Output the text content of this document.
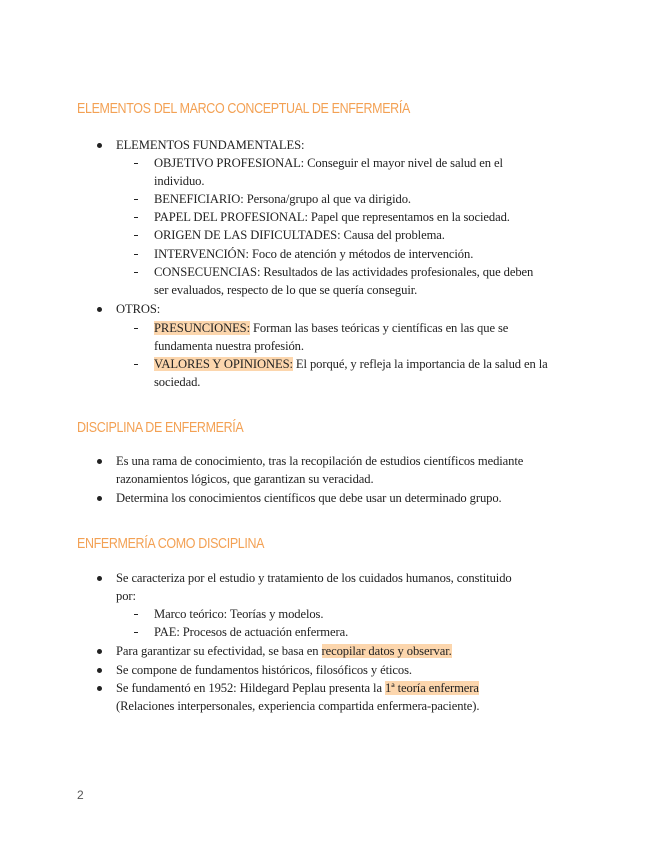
ELEMENTOS DEL MARCO CONCEPTUAL DE ENFERMERÍA

ELEMENTOS FUNDAMENTALES:

OBJETIVO PROFESIONAL: Conseguir el mayor nivel de salud en el

individuo.

BENEFICIARIO: Persona/grupo al que va dirigido.

PAPEL DEL PROFESIONAL: Papel que representamos en la sociedad.

ORIGEN DE LAS DIFICULTADES: Causa del problema.

INTERVENCIÓN: Foco de atención y métodos de intervención.

CONSECUENCIAS: Resultados de las actividades profesionales, que deben

ser evaluados, respecto de lo que se quería conseguir.

OTROS:

PRESUNCIONES: Forman las bases teóricas y científicas en las que se

fundamenta nuestra profesión.

VALORES Y OPINIONES: El porqué, y refleja la importancia de la salud en la

sociedad.

DISCIPLINA DE ENFERMERÍA

Es una rama de conocimiento, tras la recopilación de estudios científicos mediante

razonamientos lógicos, que garantizan su veracidad.

Determina los conocimientos científicos que debe usar un determinado grupo.

ENFERMERÍA COMO DISCIPLINA

Se caracteriza por el estudio y tratamiento de los cuidados humanos, constituido

por:

Marco teórico: Teorías y modelos.

PAE: Procesos de actuación enfermera.

Para garantizar su efectividad, se basa en recopilar datos y observar.

Se compone de fundamentos históricos, filosóficos y éticos.

Se fundamentó en 1952: Hildegard Peplau presenta la 1ª teoría enfermera

(Relaciones interpersonales, experiencia compartida enfermera-paciente).

2
